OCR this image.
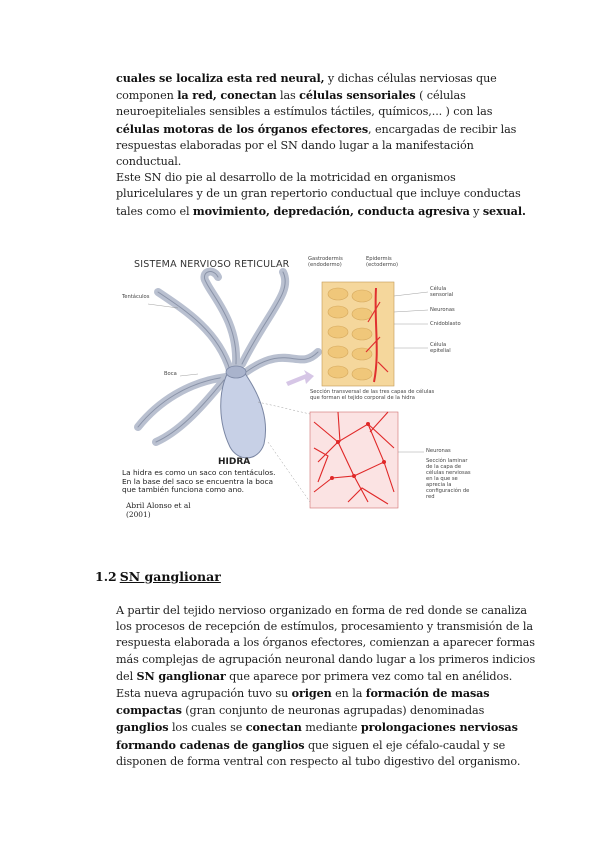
cuales se localiza esta red neural, y dichas células nerviosas que componen la red, conectan las células sensoriales ( células neuroepiteliales sensibles a estímulos táctiles, químicos,... ) con las células motoras de los órganos efectores, encargadas de recibir las respuestas elaboradas por el SN dando lugar a la manifestación conductual.
Este SN dio pie al desarrollo de la motricidad en organismos pluricelulares y de un gran repertorio conductual que incluye conductas tales como el movimiento, depredación, conducta agresiva y sexual.

SISTEMA NERVIOSO RETICULAR

Tentáculos

Boca

Gastrodermis
(endodermo)

Epidermis
(ectodermo)

Célula
sensorial

Neuronas

Cnidoblasto

Célula
epitelial

Sección transversal de las tres capas de células
que forman el tejido corporal de la hidra

Neuronas

Sección laminar
de la capa de
células nerviosas
en la que se
aprecia la
configuración de
red

HIDRA

La hidra es como un saco con tentáculos.
En la base del saco se encuentra la boca
que también funciona como ano.

Abril Alonso et al
(2001)

1.2 SN ganglionar

A partir del tejido nervioso organizado en forma de red donde se canaliza los procesos de recepción de estímulos, procesamiento y transmisión de la respuesta elaborada a los órganos efectores, comienzan a aparecer formas más complejas de agrupación neuronal dando lugar a los primeros indicios del SN ganglionar que aparece por primera vez como tal en anélidos.
Esta nueva agrupación tuvo su origen en la formación de masas compactas (gran conjunto de neuronas agrupadas) denominadas ganglios los cuales se conectan mediante prolongaciones nerviosas formando cadenas de ganglios que siguen el eje céfalo-caudal y se disponen de forma ventral con respecto al tubo digestivo del organismo.
